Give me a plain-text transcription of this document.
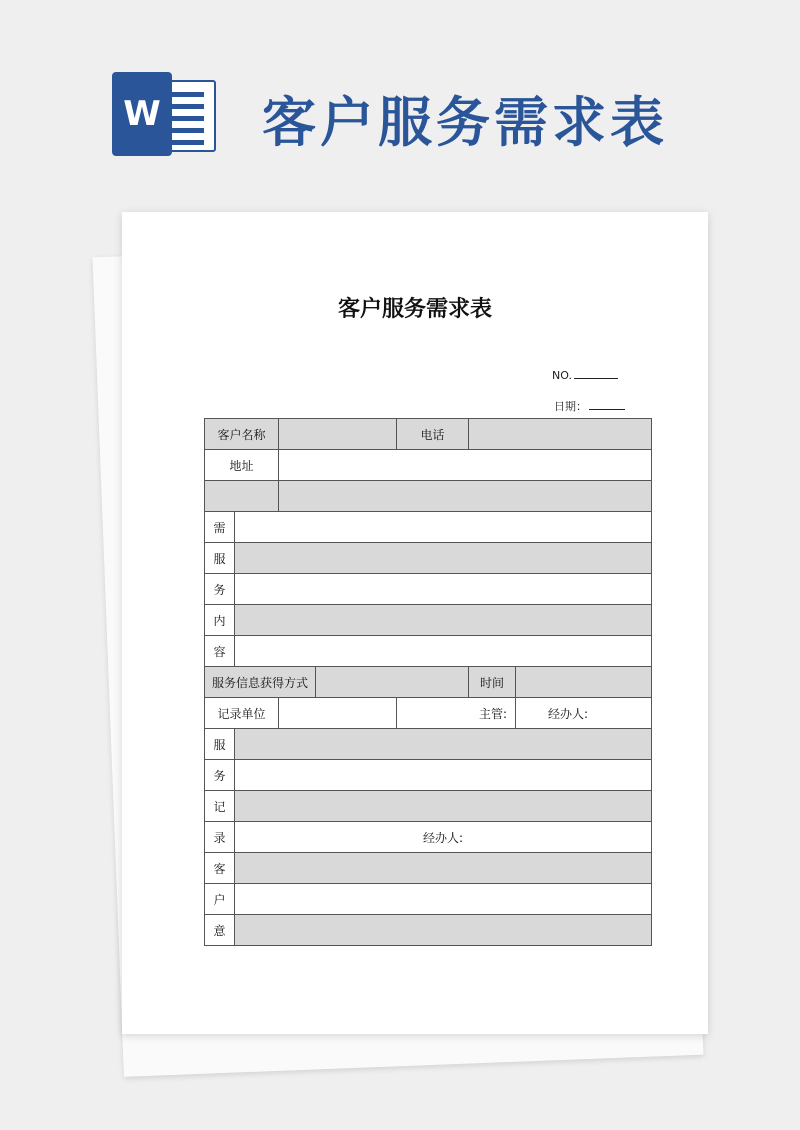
W 客户服务需求表
客户服务需求表
NO.
日期：
客户名称				电话		
地址						

需						
服						
务						
内						
容						
服务信息获得方式					时间	
记录单位				主管:		经办人:
服						
务						
记						
录	经办人:					
客						
户						
意						
